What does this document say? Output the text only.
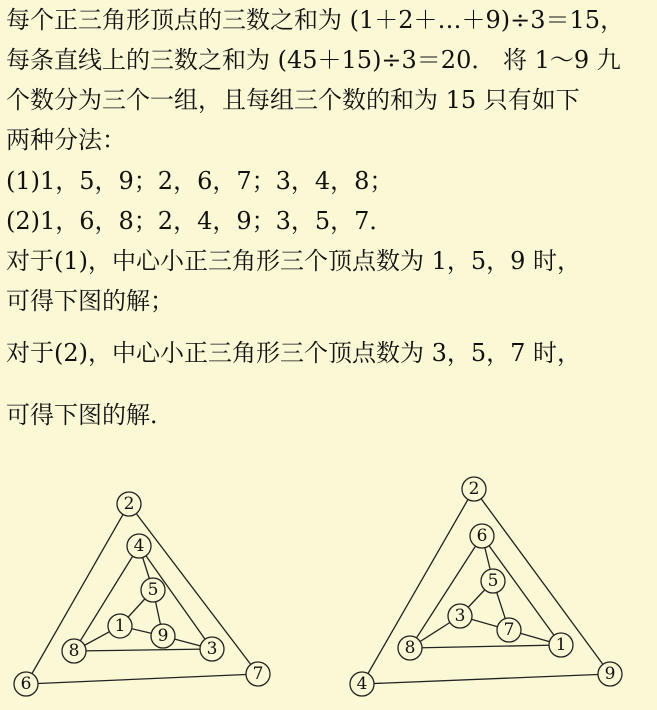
每个正三角形顶点的三数之和为 (1＋2＋…＋9)÷3＝15，
每条直线上的三数之和为 (45＋15)÷3＝20． 将 1～9 九
个数分为三个一组，且每组三个数的和为 15 只有如下
两种分法：
(1)1，5，9；2，6，7；3，4，8；
(2)1，6，8；2，4，9；3，5，7．
对于(1)，中心小正三角形三个顶点数为 1，5，9 时，
可得下图的解；
对于(2)，中心小正三角形三个顶点数为 3，5，7 时，
可得下图的解．
2
4
5
1 9
8	3
6	7
2
6
5
3
7
8	1
4	9
